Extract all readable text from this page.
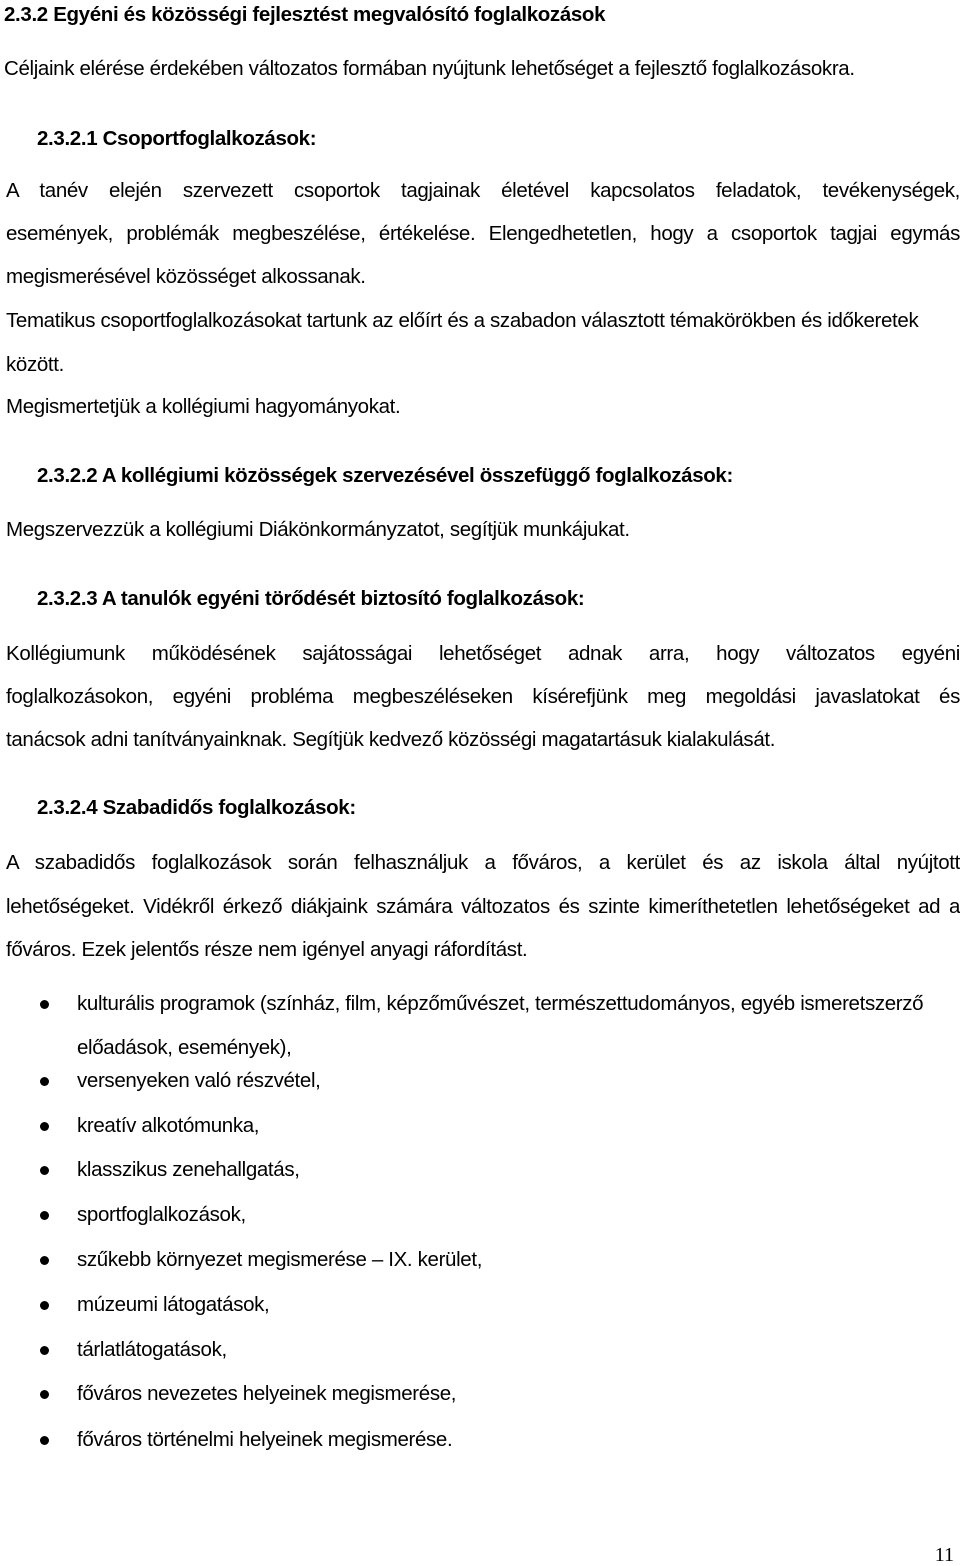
2.3.2 Egyéni és közösségi fejlesztést megvalósító foglalkozások
Céljaink elérése érdekében változatos formában nyújtunk lehetőséget a fejlesztő foglalkozásokra.
2.3.2.1 Csoportfoglalkozások:
A tanév elején szervezett csoportok tagjainak életével kapcsolatos feladatok, tevékenységek,
események, problémák megbeszélése, értékelése. Elengedhetetlen, hogy a csoportok tagjai egymás
megismerésével közösséget alkossanak.
Tematikus csoportfoglalkozásokat tartunk az előírt és a szabadon választott témakörökben és időkeretek
között.
Megismertetjük a kollégiumi hagyományokat.
2.3.2.2 A kollégiumi közösségek szervezésével összefüggő foglalkozások:
Megszervezzük a kollégiumi Diákönkormányzatot, segítjük munkájukat.
2.3.2.3 A tanulók egyéni törődését biztosító foglalkozások:
Kollégiumunk működésének sajátosságai lehetőséget adnak arra, hogy változatos egyéni
foglalkozásokon, egyéni probléma megbeszéléseken kísérefjünk meg megoldási javaslatokat és
tanácsok adni tanítványainknak. Segítjük kedvező közösségi magatartásuk kialakulását.
2.3.2.4 Szabadidős foglalkozások:
A szabadidős foglalkozások során felhasználjuk a főváros, a kerület és az iskola által nyújtott
lehetőségeket. Vidékről érkező diákjaink számára változatos és szinte kimeríthetetlen lehetőségeket ad a
főváros. Ezek jelentős része nem igényel anyagi ráfordítást.
kulturális programok (színház, film, képzőművészet, természettudományos, egyéb ismeretszerző
előadások, események),
versenyeken való részvétel,
kreatív alkotómunka,
klasszikus zenehallgatás,
sportfoglalkozások,
szűkebb környezet megismerése – IX. kerület,
múzeumi látogatások,
tárlatlátogatások,
főváros nevezetes helyeinek megismerése,
főváros történelmi helyeinek megismerése.
11
